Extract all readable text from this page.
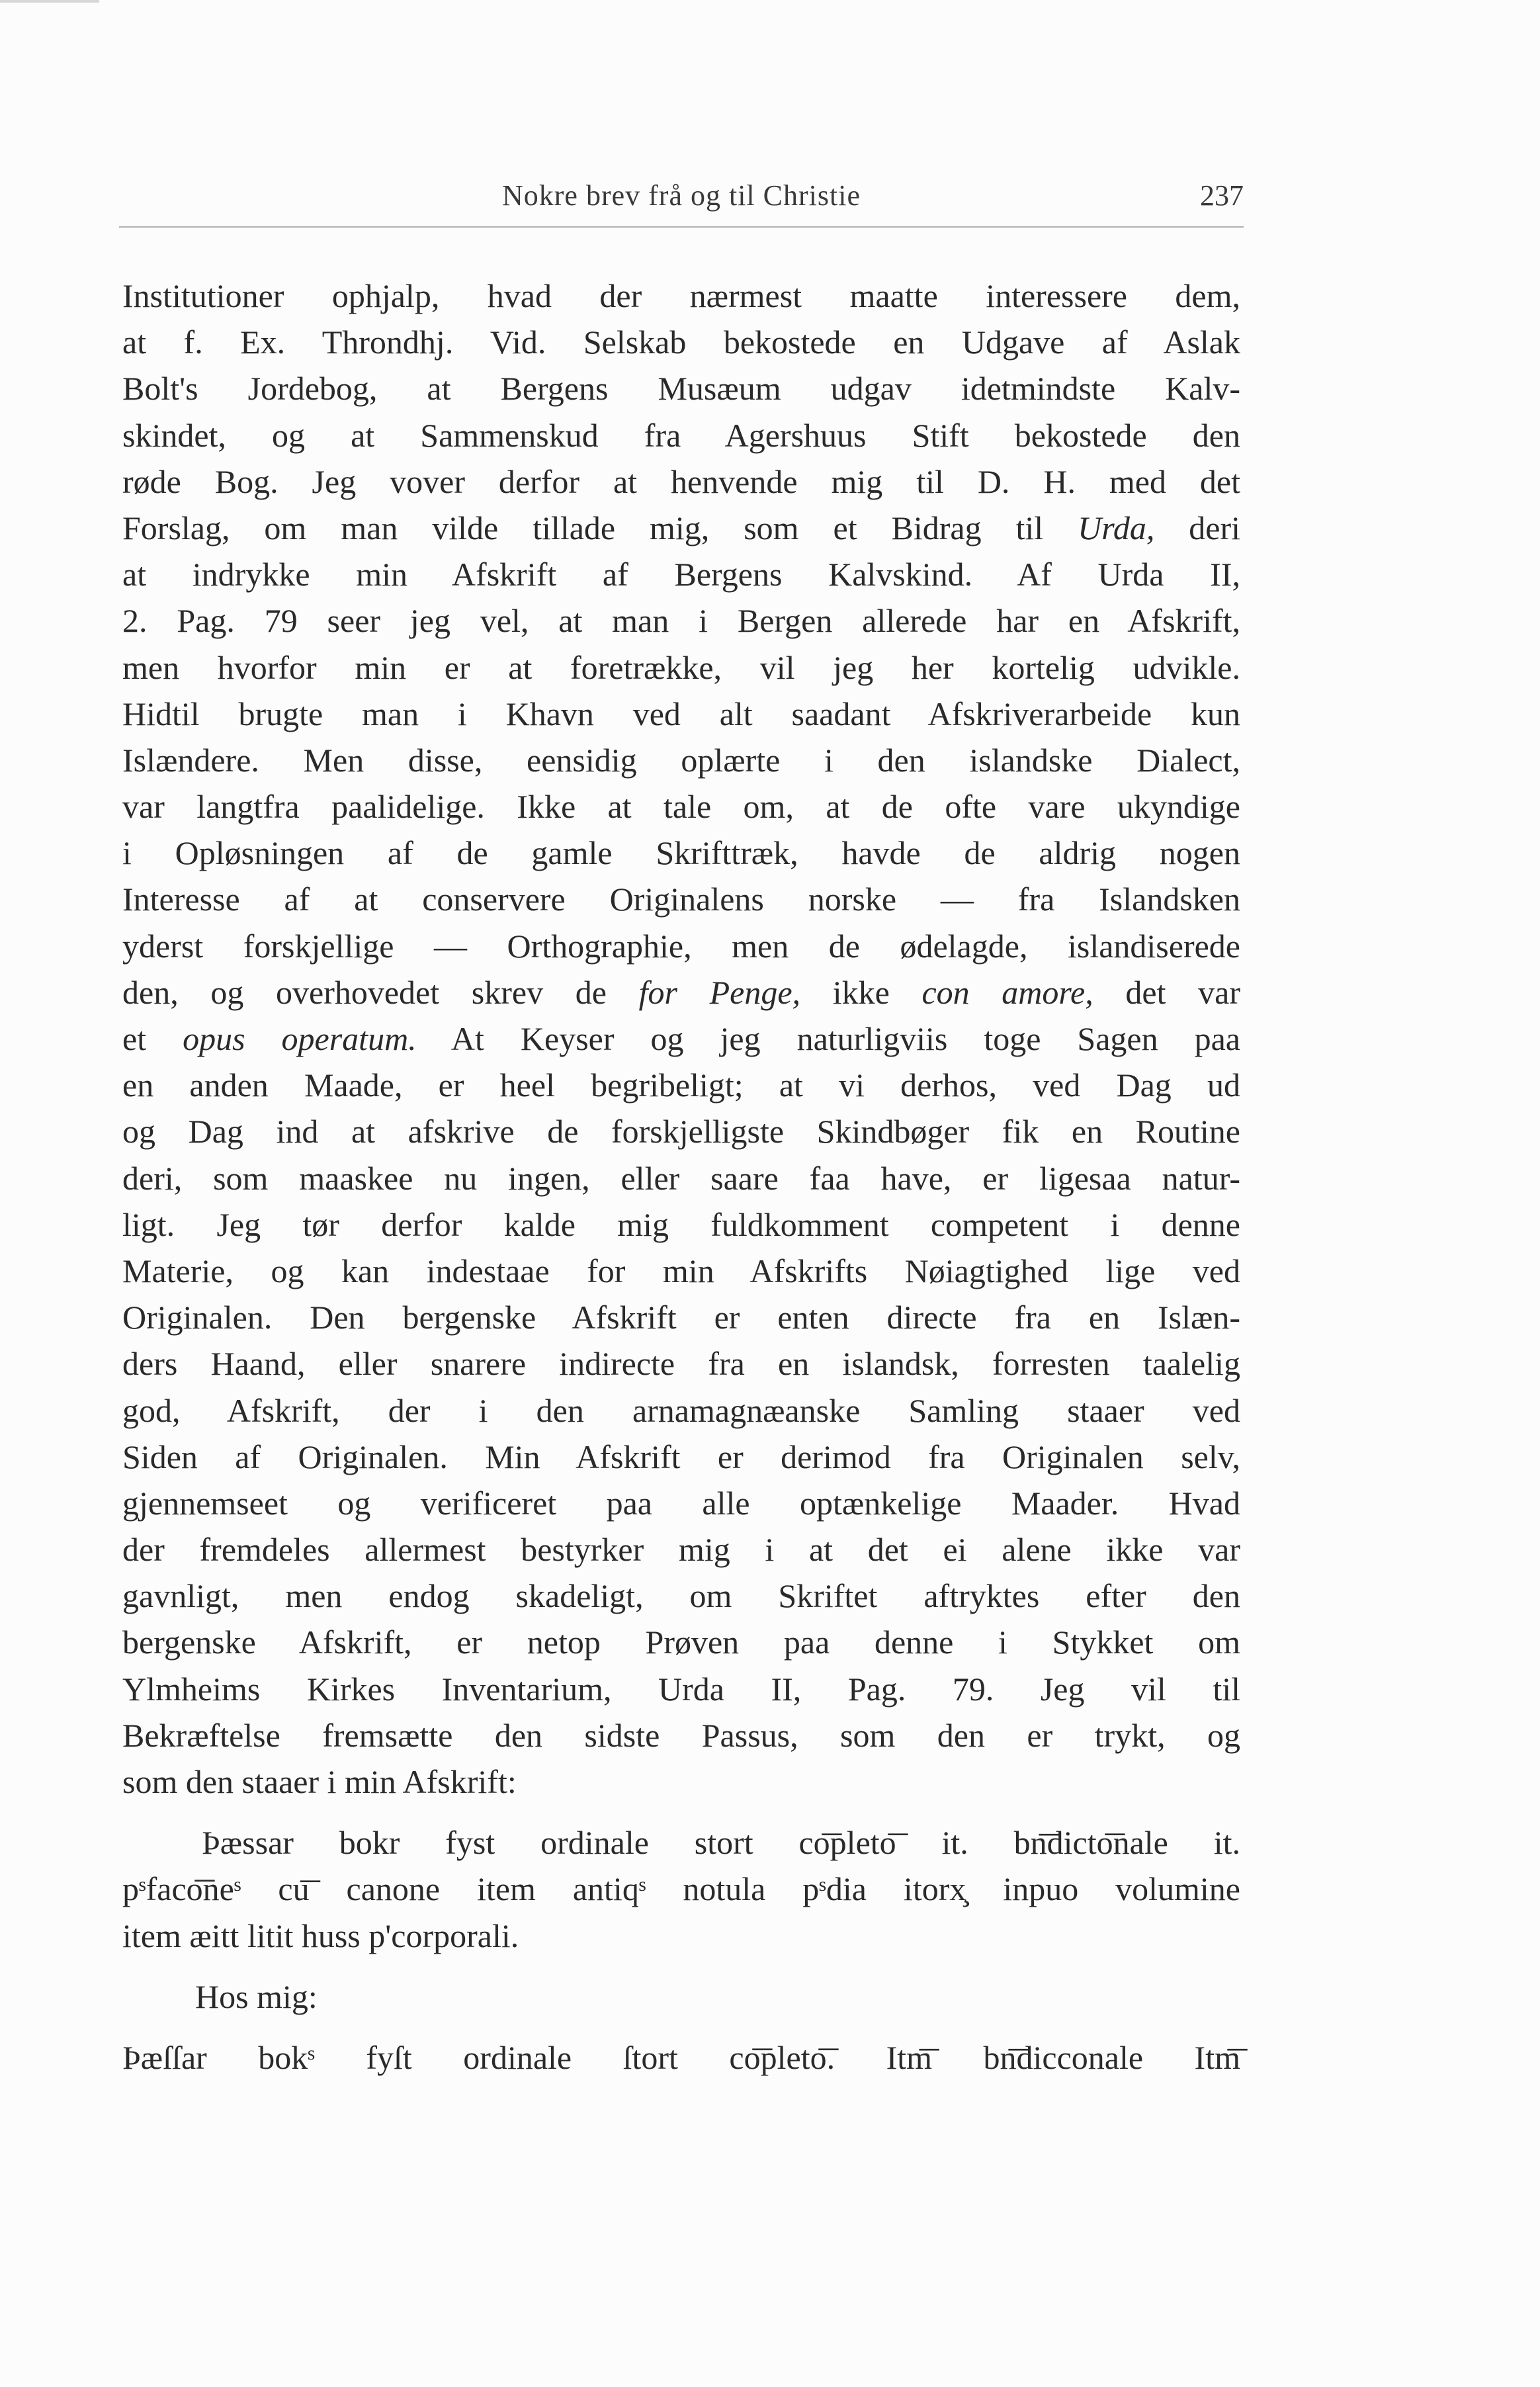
Nokre brev frå og til Christie	237
Institutioner ophjalp, hvad der nærmest maatte interessere dem,
at f. Ex. Throndhj. Vid. Selskab bekostede en Udgave af Aslak
Bolt's Jordebog, at Bergens Musæum udgav idetmindste Kalv-
skindet, og at Sammenskud fra Agershuus Stift bekostede den
røde Bog. Jeg vover derfor at henvende mig til D. H. med det
Forslag, om man vilde tillade mig, som et Bidrag til Urda, deri
at indrykke min Afskrift af Bergens Kalvskind. Af Urda II,
2. Pag. 79 seer jeg vel, at man i Bergen allerede har en Afskrift,
men hvorfor min er at foretrække, vil jeg her kortelig udvikle.
Hidtil brugte man i Khavn ved alt saadant Afskriverarbeide kun
Islændere. Men disse, eensidig oplærte i den islandske Dialect,
var langtfra paalidelige. Ikke at tale om, at de ofte vare ukyndige
i Opløsningen af de gamle Skrifttræk, havde de aldrig nogen
Interesse af at conservere Originalens norske — fra Islandsken
yderst forskjellige — Orthographie, men de ødelagde, islandiserede
den, og overhovedet skrev de for Penge, ikke con amore, det var
et opus operatum. At Keyser og jeg naturligviis toge Sagen paa
en anden Maade, er heel begribeligt; at vi derhos, ved Dag ud
og Dag ind at afskrive de forskjelligste Skindbøger fik en Routine
deri, som maaskee nu ingen, eller saare faa have, er ligesaa natur-
ligt. Jeg tør derfor kalde mig fuldkomment competent i denne
Materie, og kan indestaae for min Afskrifts Nøiagtighed lige ved
Originalen. Den bergenske Afskrift er enten directe fra en Islæn-
ders Haand, eller snarere indirecte fra en islandsk, forresten taalelig
god, Afskrift, der i den arnamagnæanske Samling staaer ved
Siden af Originalen. Min Afskrift er derimod fra Originalen selv,
gjennemseet og verificeret paa alle optænkelige Maader. Hvad
der fremdeles allermest bestyrker mig i at det ei alene ikke var
gavnligt, men endog skadeligt, om Skriftet aftryktes efter den
bergenske Afskrift, er netop Prøven paa denne i Stykket om
Ylmheims Kirkes Inventarium, Urda II, Pag. 79. Jeg vil til
Bekræftelse fremsætte den sidste Passus, som den er trykt, og
som den staaer i min Afskrift:
Þæssar bokr fyst ordinale stort co͞pleto͞ it. bn͞dicto͞nale it.
pˢfaco͞neˢ cu͞ canone item antiqˢ notula pˢdia itorx̧ inpuo volumine
item æitt litit huss p'corporali.
Hos mig:
Þæſſar bokˢ fyſt ordinale ſtort co͞pleto͞. Itm͞ bn͞dicconale Itm͞
